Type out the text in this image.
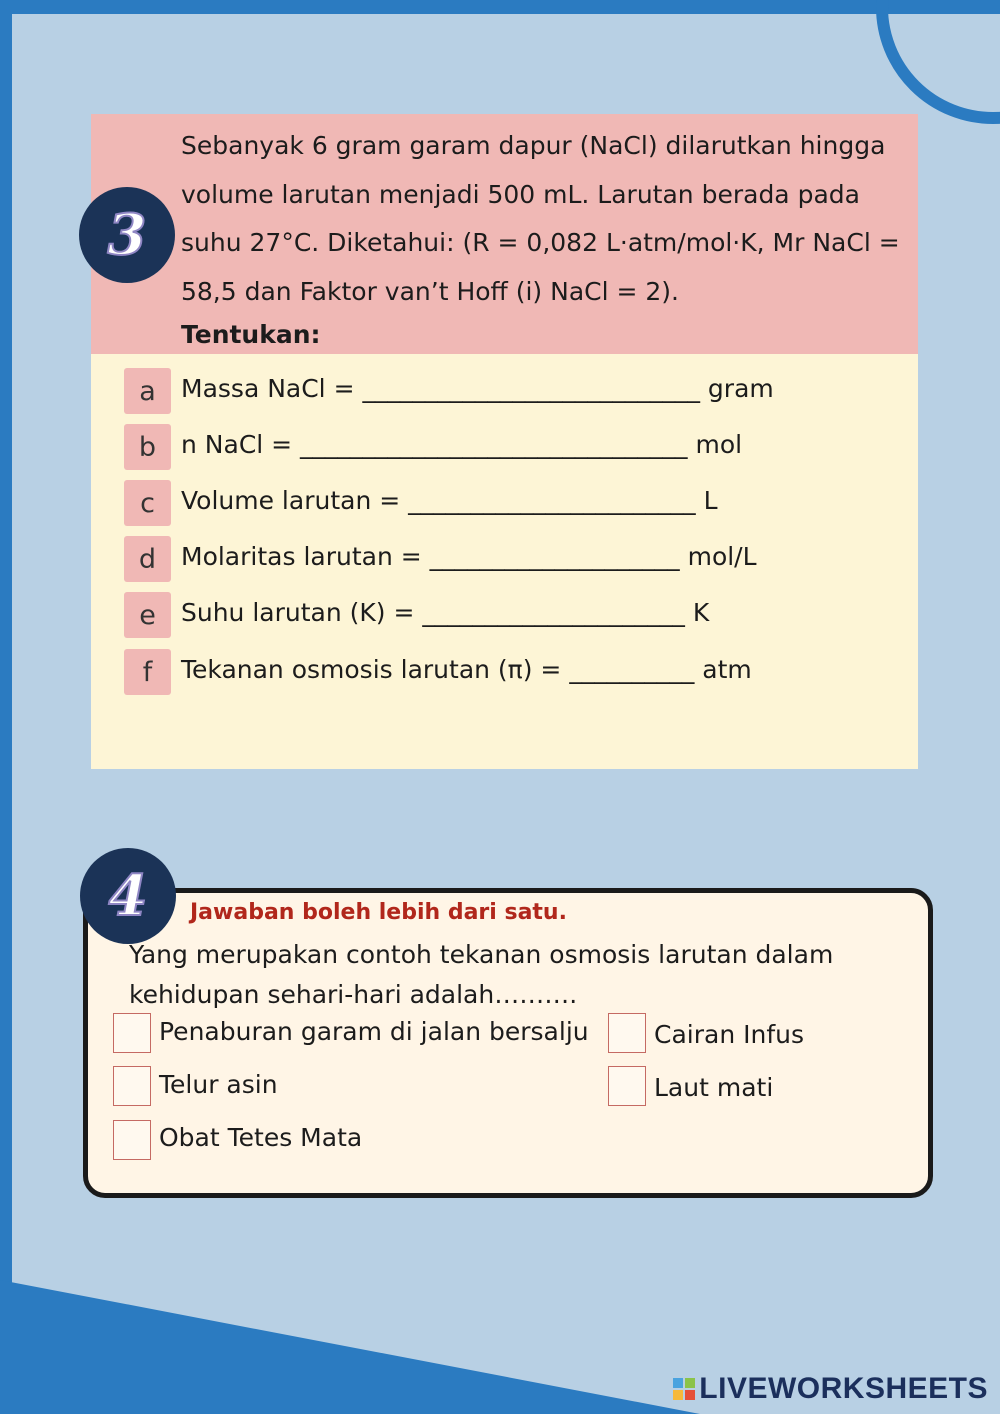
3
Sebanyak 6 gram garam dapur (NaCl) dilarutkan hingga volume larutan menjadi 500 mL. Larutan berada pada suhu 27°C. Diketahui: (R = 0,082 L·atm/mol·K, Mr NaCl = 58,5 dan Faktor van’t Hoff (i) NaCl = 2).
Tentukan:
a	Massa NaCl = ___________________________ gram
b n NaCl = _______________________________ mol
c	Volume larutan = _______________________ L
d Molaritas larutan = ____________________ mol/L
e	Suhu larutan (K) = _____________________ K
f	Tekanan osmosis larutan (π) = __________ atm
4 Jawaban boleh lebih dari satu.
Yang merupakan contoh tekanan osmosis larutan dalam kehidupan sehari-hari adalah……….
Penaburan garam di jalan bersalju	Cairan Infus
Telur asin	Laut mati
Obat Tetes Mata
LIVEWORKSHEETS
